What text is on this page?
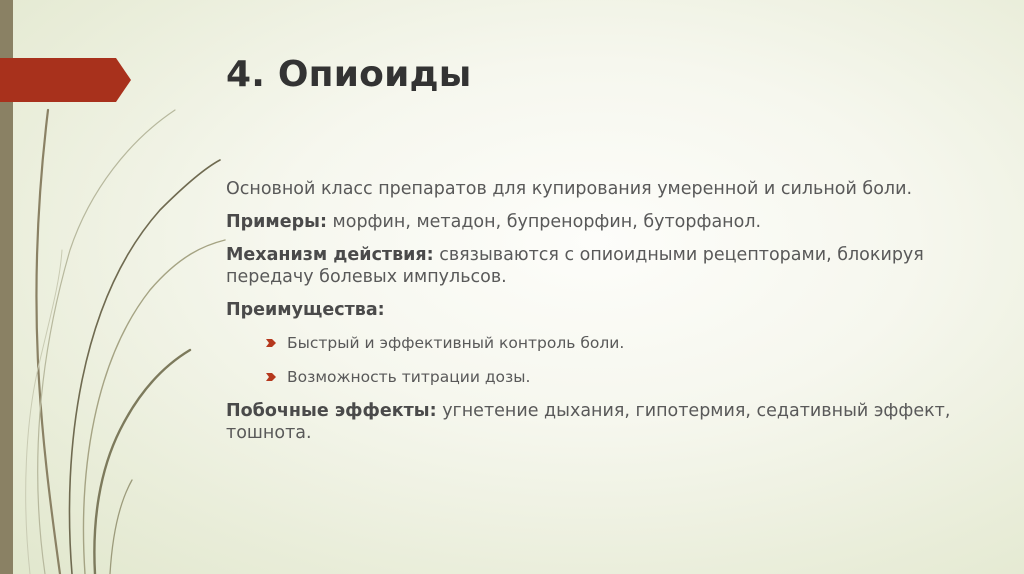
4. Опиоиды

Основной класс препаратов для купирования умеренной и сильной боли.

Примеры: морфин, метадон, бупренорфин, буторфанол.

Механизм действия: связываются с опиоидными рецепторами, блокируя передачу болевых импульсов.

Преимущества:

Быстрый и эффективный контроль боли.
Возможность титрации дозы.

Побочные эффекты: угнетение дыхания, гипотермия, седативный эффект, тошнота.
